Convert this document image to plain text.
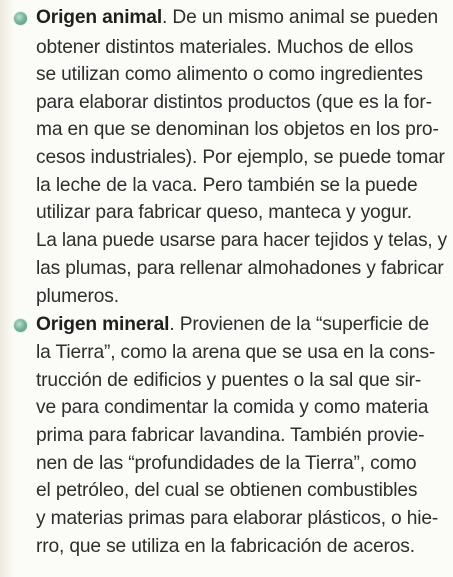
Origen animal. De un mismo animal se pueden
obtener distintos materiales. Muchos de ellos
se utilizan como alimento o como ingredientes
para elaborar distintos productos (que es la for-
ma en que se denominan los objetos en los pro-
cesos industriales). Por ejemplo, se puede tomar
la leche de la vaca. Pero también se la puede
utilizar para fabricar queso, manteca y yogur.
La lana puede usarse para hacer tejidos y telas, y
las plumas, para rellenar almohadones y fabricar
plumeros.
Origen mineral. Provienen de la “superficie de
la Tierra”, como la arena que se usa en la cons-
trucción de edificios y puentes o la sal que sir-
ve para condimentar la comida y como materia
prima para fabricar lavandina. También provie-
nen de las “profundidades de la Tierra”, como
el petróleo, del cual se obtienen combustibles
y materias primas para elaborar plásticos, o hie-
rro, que se utiliza en la fabricación de aceros.
